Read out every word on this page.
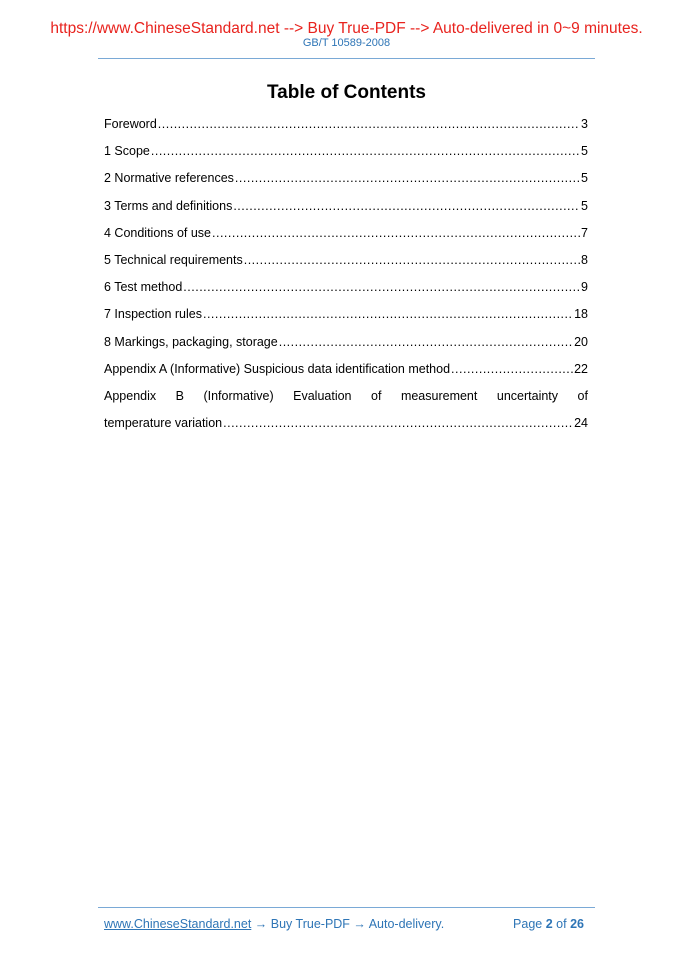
https://www.ChineseStandard.net --> Buy True-PDF --> Auto-delivered in 0~9 minutes.
GB/T 10589-2008
Table of Contents
Foreword .....	3
1 Scope .....	5
2 Normative references .....	5
3 Terms and definitions .....	5
4 Conditions of use .....	7
5 Technical requirements .....	8
6 Test method .....	9
7 Inspection rules .....	18
8 Markings, packaging, storage .....	20
Appendix A (Informative) Suspicious data identification method .....	22
Appendix B (Informative) Evaluation of measurement uncertainty of
temperature variation .....	24
www.ChineseStandard.net → Buy True-PDF → Auto-delivery.	Page 2 of 26
